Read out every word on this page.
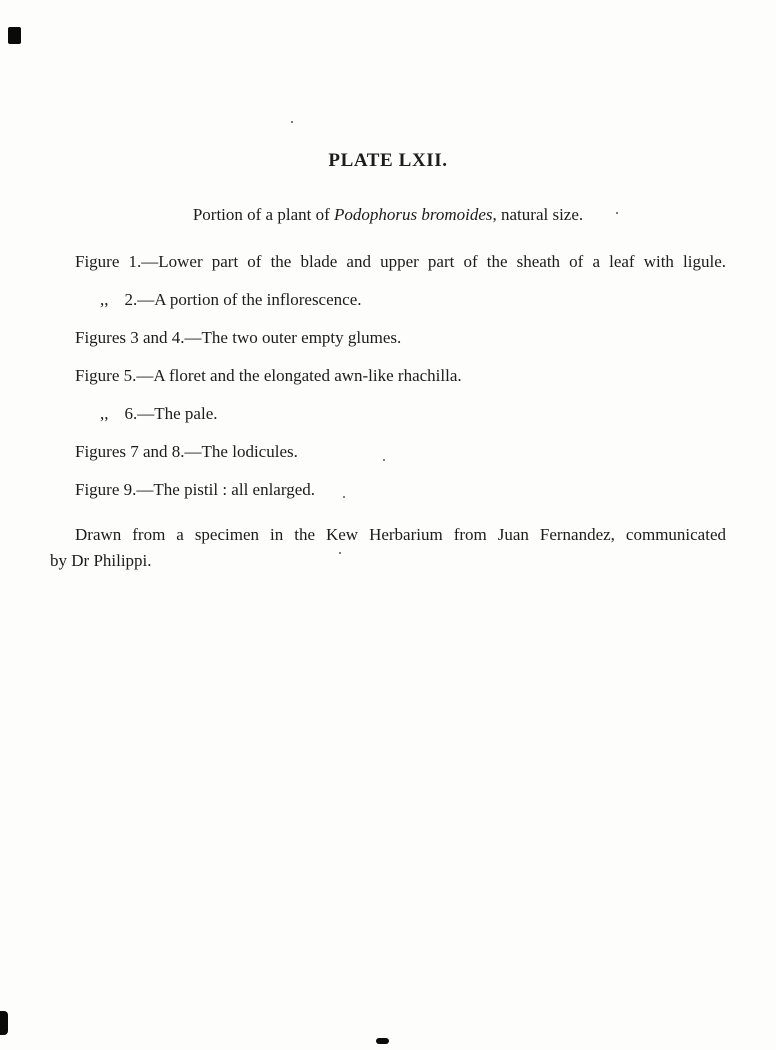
PLATE LXII.

Portion of a plant of Podophorus bromoides, natural size.

Figure 1.—Lower part of the blade and upper part of the sheath of a leaf with ligule.
,, 2.—A portion of the inflorescence.
Figures 3 and 4.—The two outer empty glumes.
Figure 5.—A floret and the elongated awn-like rhachilla.
,, 6.—The pale.
Figures 7 and 8.—The lodicules.
Figure 9.—The pistil : all enlarged.

Drawn from a specimen in the Kew Herbarium from Juan Fernandez, communicated
by Dr Philippi.
